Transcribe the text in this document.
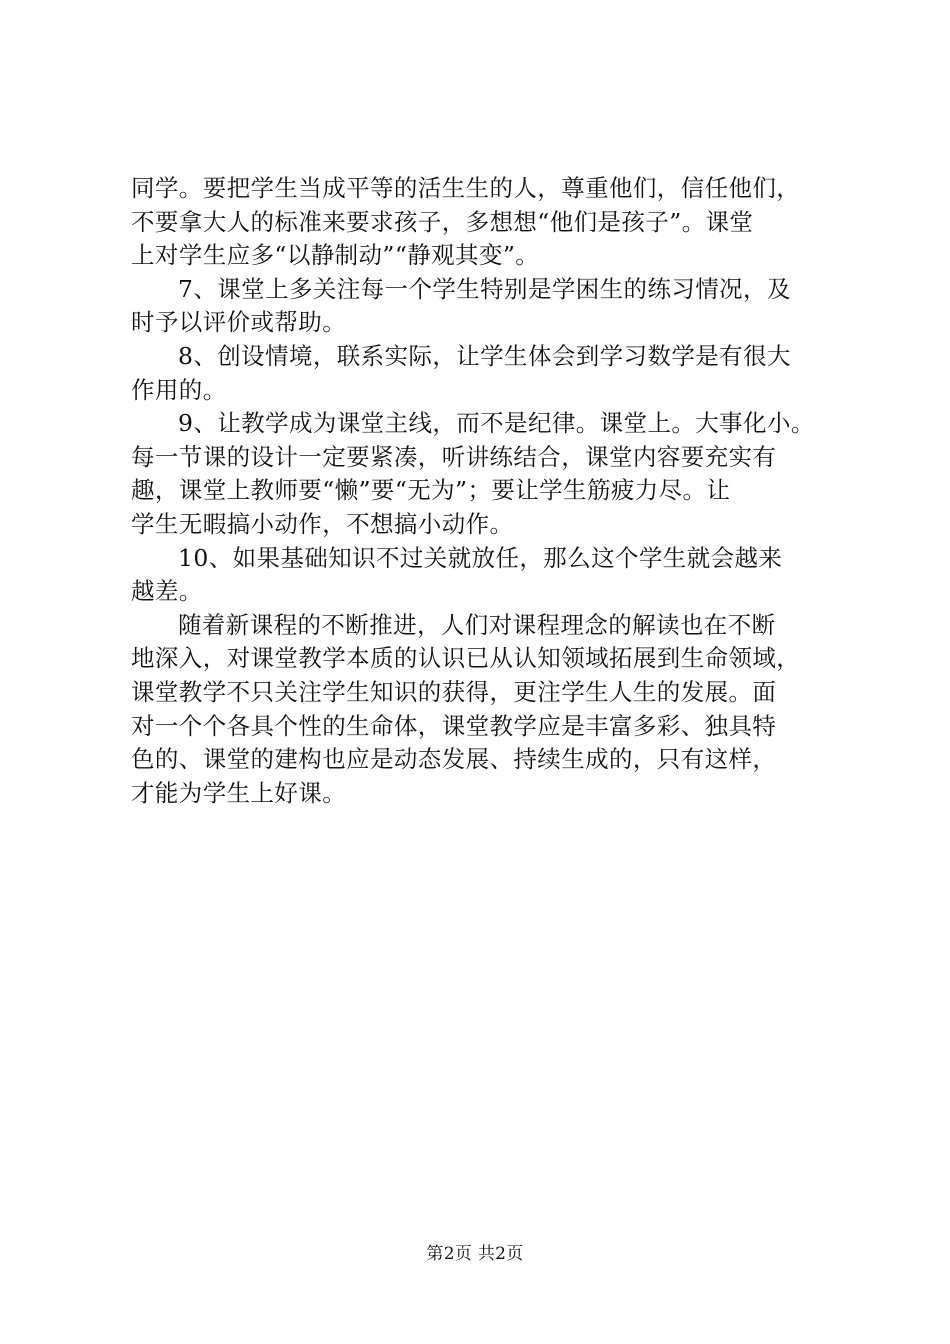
同学。要把学生当成平等的活生生的人，尊重他们，信任他们，
不要拿大人的标准来要求孩子，多想想“他们是孩子”。课堂
上对学生应多“以静制动”“静观其变”。
7、课堂上多关注每一个学生特别是学困生的练习情况，及
时予以评价或帮助。
8、创设情境，联系实际，让学生体会到学习数学是有很大
作用的。
9、让教学成为课堂主线，而不是纪律。课堂上。大事化小。
每一节课的设计一定要紧凑，听讲练结合，课堂内容要充实有
趣，课堂上教师要“懒”要“无为”；要让学生筋疲力尽。让
学生无暇搞小动作，不想搞小动作。
10、如果基础知识不过关就放任，那么这个学生就会越来
越差。
随着新课程的不断推进，人们对课程理念的解读也在不断
地深入，对课堂教学本质的认识已从认知领域拓展到生命领域，
课堂教学不只关注学生知识的获得，更注学生人生的发展。面
对一个个各具个性的生命体，课堂教学应是丰富多彩、独具特
色的、课堂的建构也应是动态发展、持续生成的，只有这样，
才能为学生上好课。
第2页 共2页
